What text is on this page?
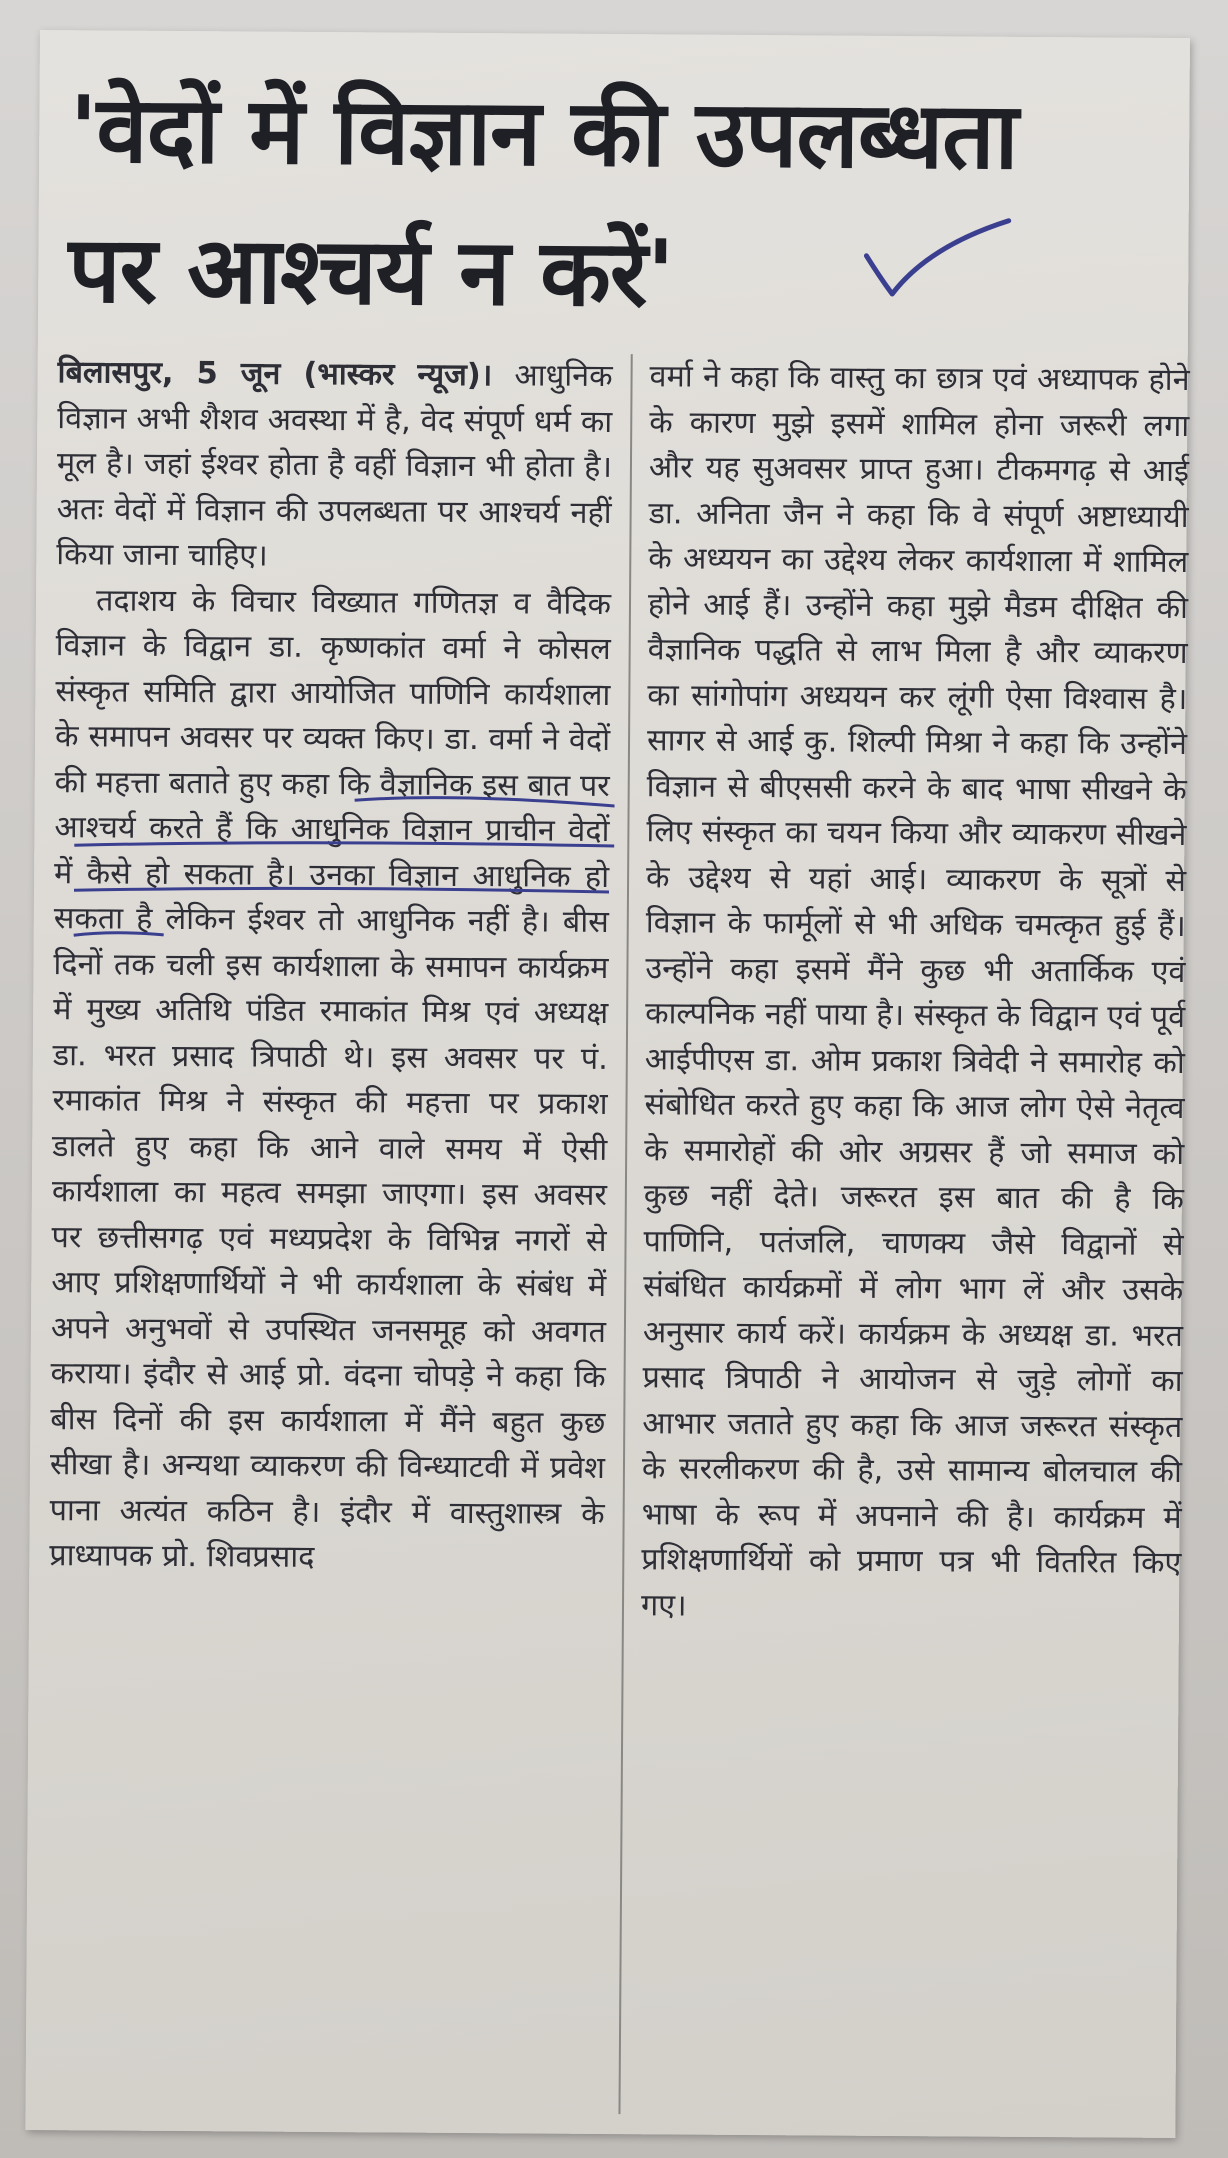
'वेदों में विज्ञान की उपलब्धता
पर आश्चर्य न करें'

बिलासपुर, 5 जून (भास्कर न्यूज)। आधुनिक विज्ञान अभी शैशव अवस्था में है, वेद संपूर्ण धर्म का मूल है। जहां ईश्वर होता है वहीं विज्ञान भी होता है। अतः वेदों में विज्ञान की उपलब्धता पर आश्चर्य नहीं किया जाना चाहिए।

तदाशय के विचार विख्यात गणितज्ञ व वैदिक विज्ञान के विद्वान डा. कृष्णकांत वर्मा ने कोसल संस्कृत समिति द्वारा आयोजित पाणिनि कार्यशाला के समापन अवसर पर व्यक्त किए। डा. वर्मा ने वेदों की महत्ता बताते हुए कहा कि वैज्ञानिक इस बात पर आश्चर्य करते हैं कि आधुनिक विज्ञान प्राचीन वेदों में कैसे हो सकता है। उनका विज्ञान आधुनिक हो सकता है लेकिन ईश्वर तो आधुनिक नहीं है। बीस दिनों तक चली इस कार्यशाला के समापन कार्यक्रम में मुख्य अतिथि पंडित रमाकांत मिश्र एवं अध्यक्ष डा. भरत प्रसाद त्रिपाठी थे। इस अवसर पर पं. रमाकांत मिश्र ने संस्कृत की महत्ता पर प्रकाश डालते हुए कहा कि आने वाले समय में ऐसी कार्यशाला का महत्व समझा जाएगा। इस अवसर पर छत्तीसगढ़ एवं मध्यप्रदेश के विभिन्न नगरों से आए प्रशिक्षणार्थियों ने भी कार्यशाला के संबंध में अपने अनुभवों से उपस्थित जनसमूह को अवगत कराया। इंदौर से आई प्रो. वंदना चोपड़े ने कहा कि बीस दिनों की इस कार्यशाला में मैंने बहुत कुछ सीखा है। अन्यथा व्याकरण की विन्ध्याटवी में प्रवेश पाना अत्यंत कठिन है। इंदौर में वास्तुशास्त्र के प्राध्यापक प्रो. शिवप्रसाद

वर्मा ने कहा कि वास्तु का छात्र एवं अध्यापक होने के कारण मुझे इसमें शामिल होना जरूरी लगा और यह सुअवसर प्राप्त हुआ। टीकमगढ़ से आई डा. अनिता जैन ने कहा कि वे संपूर्ण अष्टाध्यायी के अध्ययन का उद्देश्य लेकर कार्यशाला में शामिल होने आई हैं। उन्होंने कहा मुझे मैडम दीक्षित की वैज्ञानिक पद्धति से लाभ मिला है और व्याकरण का सांगोपांग अध्ययन कर लूंगी ऐसा विश्वास है। सागर से आई कु. शिल्पी मिश्रा ने कहा कि उन्होंने विज्ञान से बीएससी करने के बाद भाषा सीखने के लिए संस्कृत का चयन किया और व्याकरण सीखने के उद्देश्य से यहां आई। व्याकरण के सूत्रों से विज्ञान के फार्मूलों से भी अधिक चमत्कृत हुई हैं। उन्होंने कहा इसमें मैंने कुछ भी अतार्किक एवं काल्पनिक नहीं पाया है। संस्कृत के विद्वान एवं पूर्व आईपीएस डा. ओम प्रकाश त्रिवेदी ने समारोह को संबोधित करते हुए कहा कि आज लोग ऐसे नेतृत्व के समारोहों की ओर अग्रसर हैं जो समाज को कुछ नहीं देते। जरूरत इस बात की है कि पाणिनि, पतंजलि, चाणक्य जैसे विद्वानों से संबंधित कार्यक्रमों में लोग भाग लें और उसके अनुसार कार्य करें। कार्यक्रम के अध्यक्ष डा. भरत प्रसाद त्रिपाठी ने आयोजन से जुड़े लोगों का आभार जताते हुए कहा कि आज जरूरत संस्कृत के सरलीकरण की है, उसे सामान्य बोलचाल की भाषा के रूप में अपनाने की है। कार्यक्रम में प्रशिक्षणार्थियों को प्रमाण पत्र भी वितरित किए गए।
